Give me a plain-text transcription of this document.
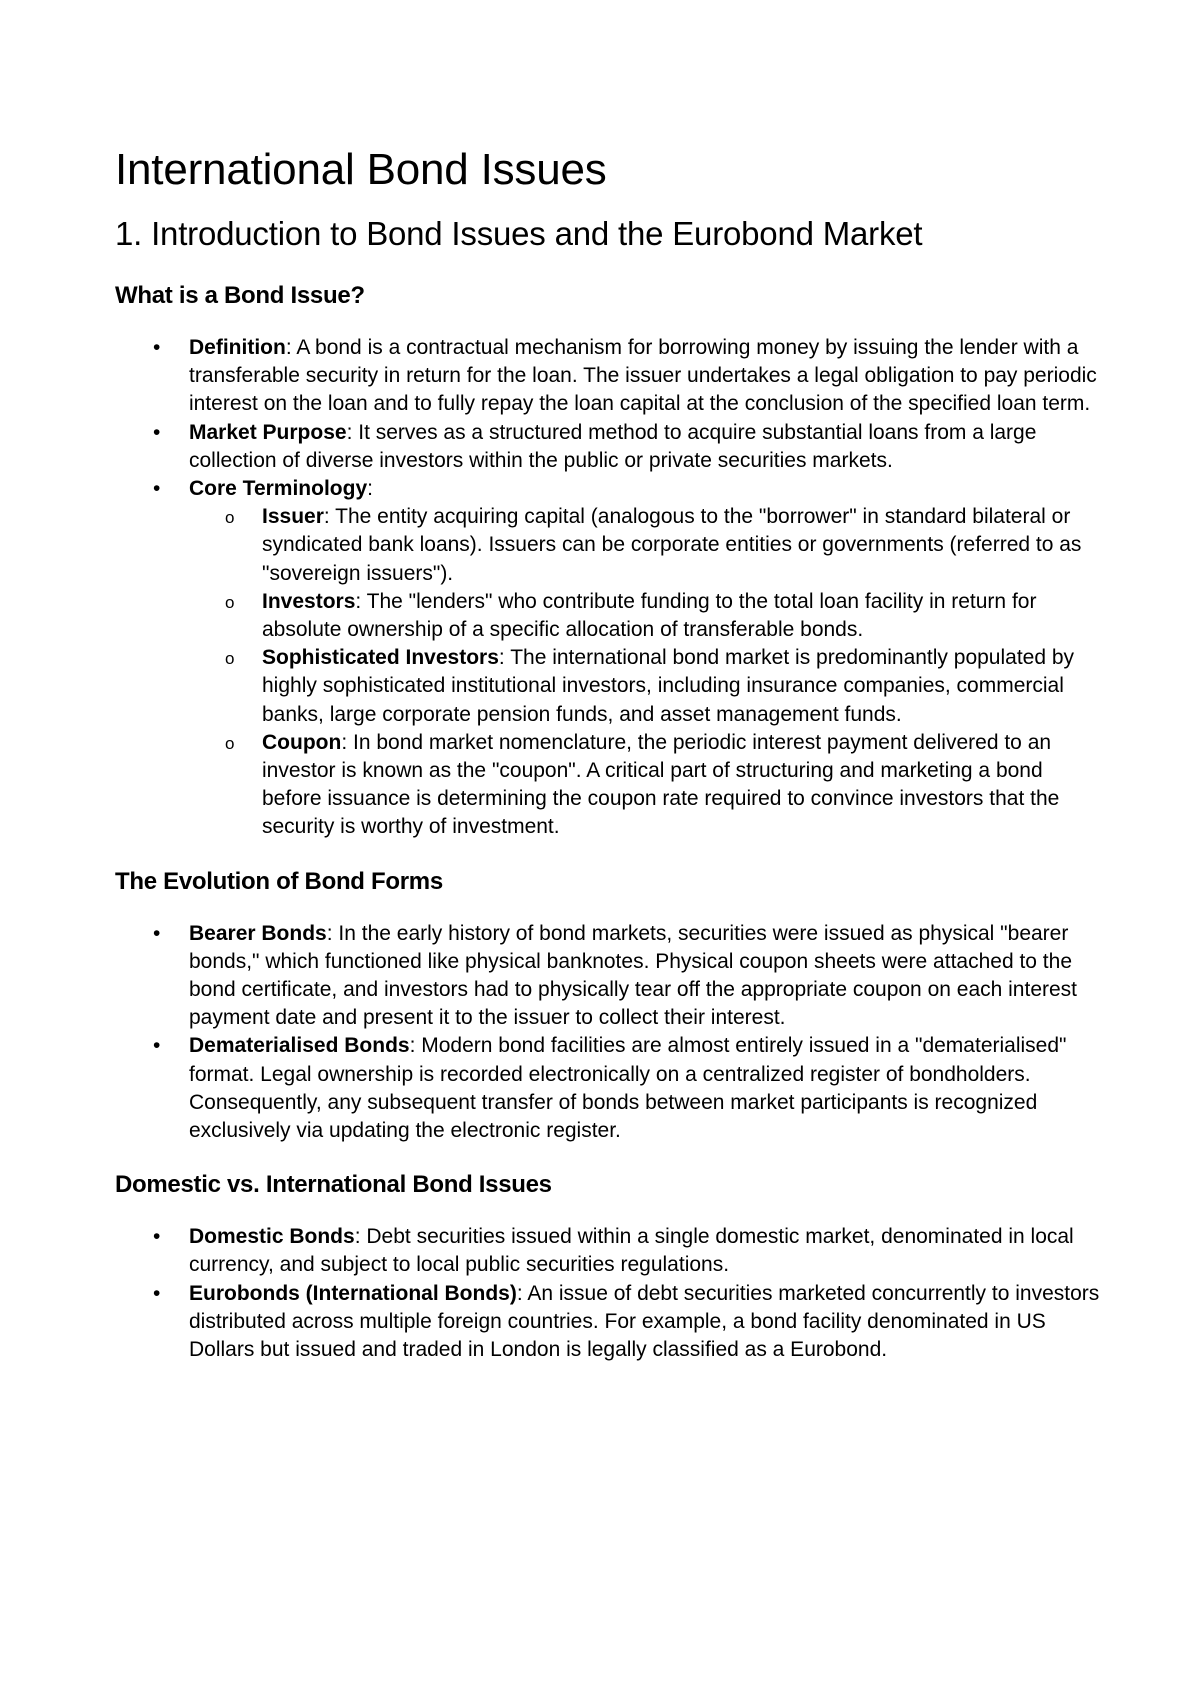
International Bond Issues
1. Introduction to Bond Issues and the Eurobond Market
What is a Bond Issue?
• Definition: A bond is a contractual mechanism for borrowing money by issuing the lender with a transferable security in return for the loan. The issuer undertakes a legal obligation to pay periodic interest on the loan and to fully repay the loan capital at the conclusion of the specified loan term.
• Market Purpose: It serves as a structured method to acquire substantial loans from a large collection of diverse investors within the public or private securities markets.
• Core Terminology:
o Issuer: The entity acquiring capital (analogous to the "borrower" in standard bilateral or syndicated bank loans). Issuers can be corporate entities or governments (referred to as "sovereign issuers").
o Investors: The "lenders" who contribute funding to the total loan facility in return for absolute ownership of a specific allocation of transferable bonds.
o Sophisticated Investors: The international bond market is predominantly populated by highly sophisticated institutional investors, including insurance companies, commercial banks, large corporate pension funds, and asset management funds.
o Coupon: In bond market nomenclature, the periodic interest payment delivered to an investor is known as the "coupon". A critical part of structuring and marketing a bond before issuance is determining the coupon rate required to convince investors that the security is worthy of investment.
The Evolution of Bond Forms
• Bearer Bonds: In the early history of bond markets, securities were issued as physical "bearer bonds," which functioned like physical banknotes. Physical coupon sheets were attached to the bond certificate, and investors had to physically tear off the appropriate coupon on each interest payment date and present it to the issuer to collect their interest.
• Dematerialised Bonds: Modern bond facilities are almost entirely issued in a "dematerialised" format. Legal ownership is recorded electronically on a centralized register of bondholders. Consequently, any subsequent transfer of bonds between market participants is recognized exclusively via updating the electronic register.
Domestic vs. International Bond Issues
• Domestic Bonds: Debt securities issued within a single domestic market, denominated in local currency, and subject to local public securities regulations.
• Eurobonds (International Bonds): An issue of debt securities marketed concurrently to investors distributed across multiple foreign countries. For example, a bond facility denominated in US Dollars but issued and traded in London is legally classified as a Eurobond.
